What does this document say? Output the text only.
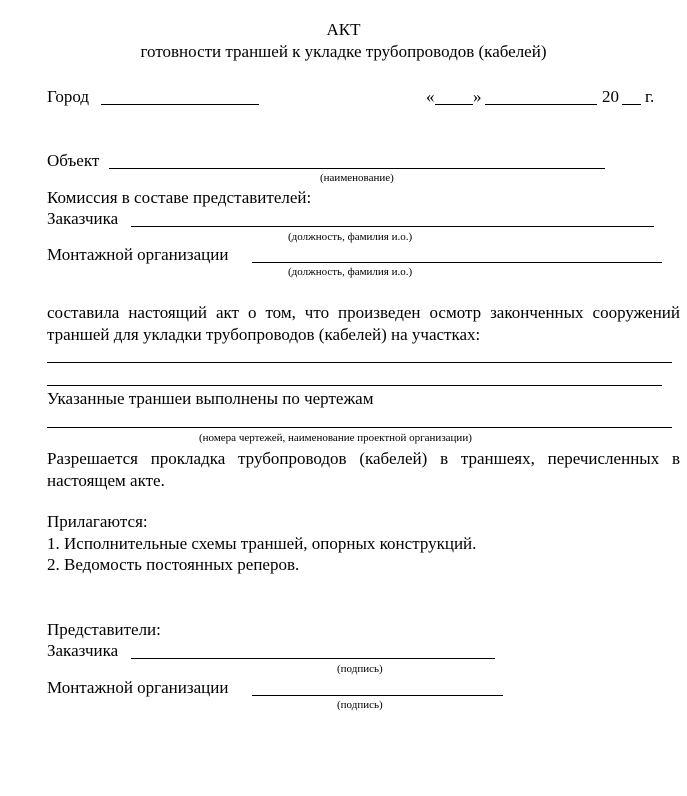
АКТ
готовности траншей к укладке трубопроводов (кабелей)
Город	« »	20 г.
Объект
(наименование)
Комиссия в составе представителей:
Заказчика
(должность, фамилия и.о.)
Монтажной организации
(должность, фамилия и.о.)
составила настоящий акт о том, что произведен осмотр законченных сооружений траншей для укладки трубопроводов (кабелей) на участках:
Указанные траншеи выполнены по чертежам
(номера чертежей, наименование проектной организации)
Разрешается прокладка трубопроводов (кабелей) в траншеях, перечисленных в настоящем акте.
Прилагаются:
1. Исполнительные схемы траншей, опорных конструкций.
2. Ведомость постоянных реперов.
Представители:
Заказчика
(подпись)
Монтажной организации
(подпись)
